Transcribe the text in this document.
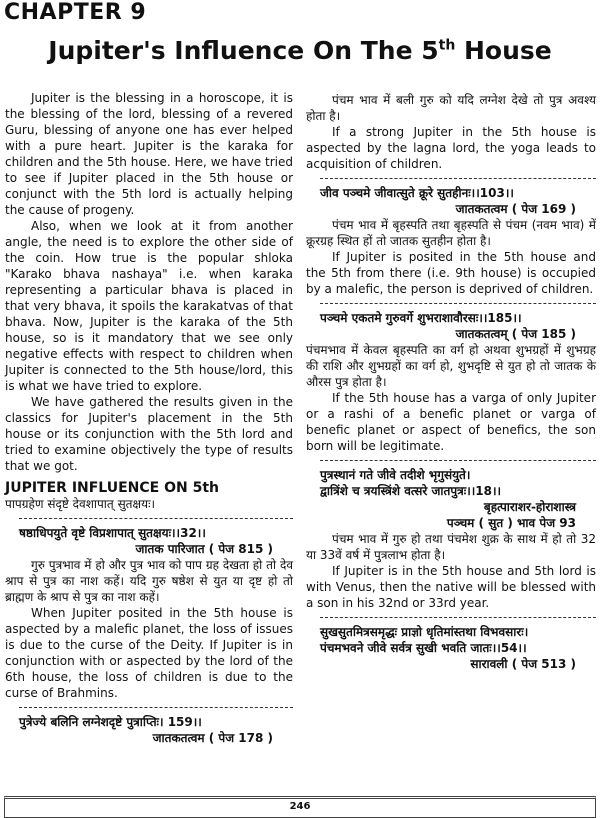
CHAPTER 9
Jupiter's Influence On The 5th House
Jupiter is the blessing in a horoscope, it is the blessing of the lord, blessing of a revered Guru, blessing of anyone one has ever helped with a pure heart. Jupiter is the karaka for children and the 5th house. Here, we have tried to see if Jupiter placed in the 5th house or conjunct with the 5th lord is actually helping the cause of progeny.
Also, when we look at it from another angle, the need is to explore the other side of the coin. How true is the popular shloka "Karako bhava nashaya" i.e. when karaka representing a particular bhava is placed in that very bhava, it spoils the karakatvas of that bhava. Now, Jupiter is the karaka of the 5th house, so is it mandatory that we see only negative effects with respect to children when Jupiter is connected to the 5th house/lord, this is what we have tried to explore.
We have gathered the results given in the classics for Jupiter's placement in the 5th house or its conjunction with the 5th lord and tried to examine objectively the type of results that we got.
JUPITER INFLUENCE ON 5th
पापग्रहेण संदृष्टे देवशापात् सुतक्षयः।
षष्ठाधिपयुते वृष्टे विप्रशापात् सुतक्षयः।।32।।
जातक पारिजात ( पेज 815 )
गुरु पुत्रभाव में हो और पुत्र भाव को पाप ग्रह देखता हो तो देव श्राप से पुत्र का नाश कहें। यदि गुरु षष्ठेश से युत या दृष्ट हो तो ब्राह्मण के श्राप से पुत्र का नाश कहें।
When Jupiter posited in the 5th house is aspected by a malefic planet, the loss of issues is due to the curse of the Deity. If Jupiter is in conjunction with or aspected by the lord of the 6th house, the loss of children is due to the curse of Brahmins.
पुत्रेज्ये बलिनि लग्नेशदृष्टे पुत्राप्तिः। 159।।
जातकतत्वम ( पेज 178 )
पंचम भाव में बली गुरु को यदि लग्नेश देखे तो पुत्र अवश्य होता है।
If a strong Jupiter in the 5th house is aspected by the lagna lord, the yoga leads to acquisition of children.
जीव पञ्चमे जीवात्सुते क्रूरे सुतहीनः।।103।।
जातकतत्वम ( पेज 169 )
पंचम भाव में बृहस्पति तथा बृहस्पति से पंचम (नवम भाव) में क्रूरग्रह स्थित हों तो जातक सुतहीन होता है।
If Jupiter is posited in the 5th house and the 5th from there (i.e. 9th house) is occupied by a malefic, the person is deprived of children.
पञ्चमे एकतमे गुरुवर्गे शुभराशावौरसः।।185।।
जातकतत्वम् ( पेज 185 )
पंचमभाव में केवल बृहस्पति का वर्ग हो अथवा शुभग्रहों में शुभग्रह की राशि और शुभग्रहों का वर्ग हो, शुभदृष्टि से युत हो तो जातक के औरस पुत्र होता है।
If the 5th house has a varga of only Jupiter or a rashi of a benefic planet or varga of benefic planet or aspect of benefics, the son born will be legitimate.
पुत्रस्थानं गते जीवे तदीशे भृगुसंयुते।
द्वात्रिंशे च त्रयस्त्रिंशे वत्सरे जातपुत्रः।।18।।
बृहत्पाराशर-होराशास्त्र
पञ्चम ( सुत ) भाव पेज 93
पंचम भाव में गुरु हो तथा पंचमेश शुक्र के साथ में हो तो 32 या 33वें वर्ष में पुत्रलाभ होता है।
If Jupiter is in the 5th house and 5th lord is with Venus, then the native will be blessed with a son in his 32nd or 33rd year.
सुखसुतमित्रसमृद्धः प्राज्ञो धृतिमांस्तथा विभवसारः।
पंचमभवने जीवे सर्वत्र सुखी भवति जातः।।54।।
सारावली ( पेज 513 )
246
